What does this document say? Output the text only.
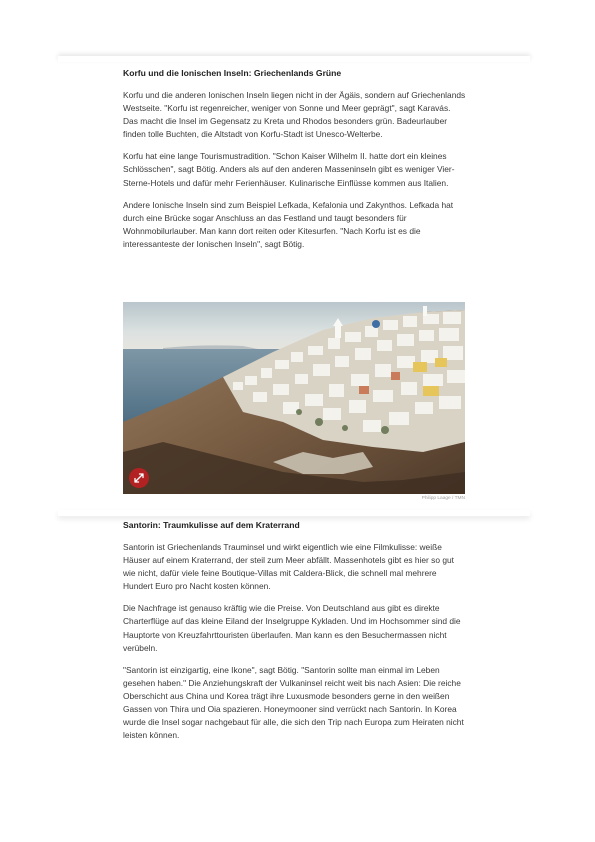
Korfu und die Ionischen Inseln: Griechenlands Grüne

Korfu und die anderen Ionischen Inseln liegen nicht in der Ägäis, sondern auf Griechenlands Westseite. "Korfu ist regenreicher, weniger von Sonne und Meer geprägt", sagt Karavás. Das macht die Insel im Gegensatz zu Kreta und Rhodos besonders grün. Badeurlauber finden tolle Buchten, die Altstadt von Korfu-Stadt ist Unesco-Welterbe.

Korfu hat eine lange Tourismustradition. "Schon Kaiser Wilhelm II. hatte dort ein kleines Schlösschen", sagt Bötig. Anders als auf den anderen Masseninseln gibt es weniger Vier-Sterne-Hotels und dafür mehr Ferienhäuser. Kulinarische Einflüsse kommen aus Italien.

Andere Ionische Inseln sind zum Beispiel Lefkada, Kefalonia und Zakynthos. Lefkada hat durch eine Brücke sogar Anschluss an das Festland und taugt besonders für Wohnmobilurlauber. Man kann dort reiten oder Kitesurfen. "Nach Korfu ist es die interessanteste der Ionischen Inseln", sagt Bötig.

Philipp Laage / TMN
Santorin: Traumkulisse auf dem Kraterrand

Santorin ist Griechenlands Trauminsel und wirkt eigentlich wie eine Filmkulisse: weiße Häuser auf einem Kraterrand, der steil zum Meer abfällt. Massenhotels gibt es hier so gut wie nicht, dafür viele feine Boutique-Villas mit Caldera-Blick, die schnell mal mehrere Hundert Euro pro Nacht kosten können.

Die Nachfrage ist genauso kräftig wie die Preise. Von Deutschland aus gibt es direkte Charterflüge auf das kleine Eiland der Inselgruppe Kykladen. Und im Hochsommer sind die Hauptorte von Kreuzfahrttouristen überlaufen. Man kann es den Besuchermassen nicht verübeln.

"Santorin ist einzigartig, eine Ikone", sagt Bötig. "Santorin sollte man einmal im Leben gesehen haben." Die Anziehungskraft der Vulkaninsel reicht weit bis nach Asien: Die reiche Oberschicht aus China und Korea trägt ihre Luxusmode besonders gerne in den weißen Gassen von Thira und Oia spazieren. Honeymooner sind verrückt nach Santorin. In Korea wurde die Insel sogar nachgebaut für alle, die sich den Trip nach Europa zum Heiraten nicht leisten können.
